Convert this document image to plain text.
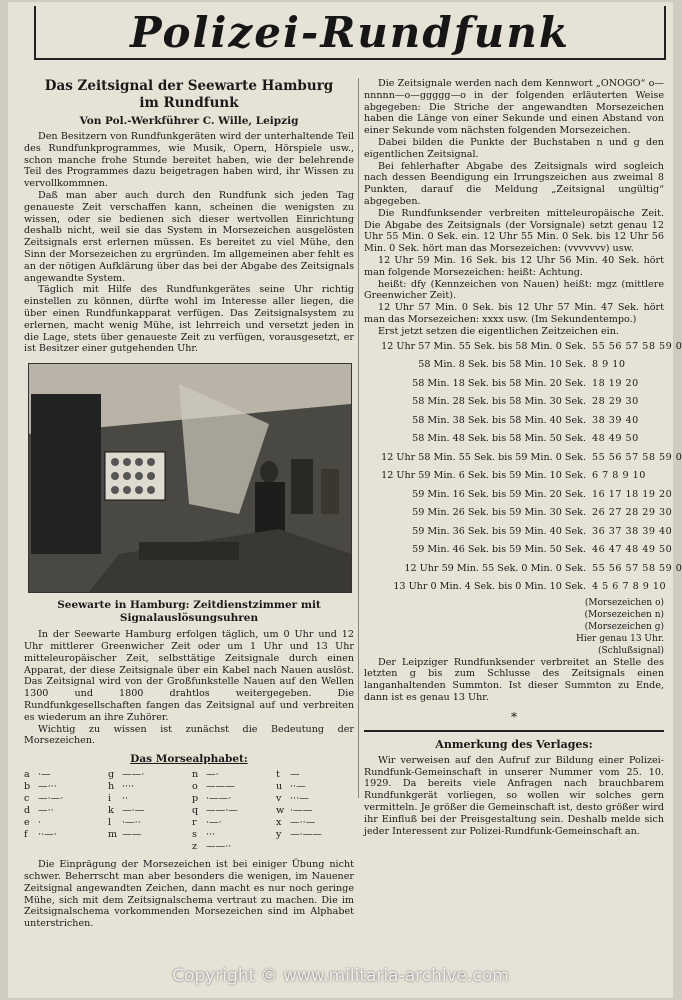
Polizei-Rundfunk
Das Zeitsignal der Seewarte Hamburg
im Rundfunk
Von Pol.-Werkführer C. Wille, Leipzig

Den Besitzern von Rundfunkgeräten wird der unterhaltende Teil des Rundfunkprogrammes, wie Musik, Opern, Hörspiele usw., schon manche frohe Stunde bereitet haben, wie der belehrende Teil des Programmes dazu beigetragen haben wird, ihr Wissen zu vervollkommnen.

Daß man aber auch durch den Rundfunk sich jeden Tag genaueste Zeit verschaffen kann, scheinen die wenigsten zu wissen, oder sie bedienen sich dieser wertvollen Einrichtung deshalb nicht, weil sie das System in Morsezeichen ausgelösten Zeitsignals erst erlernen müssen. Es bereitet zu viel Mühe, den Sinn der Morsezeichen zu ergründen. Im allgemeinen aber fehlt es an der nötigen Aufklärung über das bei der Abgabe des Zeitsignals angewandte System.

Täglich mit Hilfe des Rundfunkgerätes seine Uhr richtig einstellen zu können, dürfte wohl im Interesse aller liegen, die über einen Rundfunkapparat verfügen. Das Zeitsignalsystem zu erlernen, macht wenig Mühe, ist lehrreich und versetzt jeden in die Lage, stets über genaueste Zeit zu verfügen, vorausgesetzt, er ist Besitzer einer gutgehenden Uhr.

Seewarte in Hamburg: Zeitdienstzimmer mit Signalauslösungsuhren

In der Seewarte Hamburg erfolgen täglich, um 0 Uhr und 12 Uhr mittlerer Greenwicher Zeit oder um 1 Uhr und 13 Uhr mitteleuropäischer Zeit, selbsttätige Zeitsignale durch einen Apparat, der diese Zeitsignale über ein Kabel nach Nauen auslöst. Das Zeitsignal wird von der Großfunkstelle Nauen auf den Wellen 1300 und 1800 drahtlos weitergegeben. Die Rundfunkgesellschaften fangen das Zeitsignal auf und verbreiten es wiederum an ihre Zuhörer.

Wichtig zu wissen ist zunächst die Bedeutung der Morsezeichen.

Das Morsealphabet:
a ·—	g ——·	n —·	t	—
b —···	h ····	o ———	u ··—
c —·—·	i	··	p ·——·	v ···—
d —··	k —·—	q ——·—	w ·——
e ·	l	·—··	r ·—·	x —··—
f	··—·	m ——	s ···	y —·——
z ——··

Die Einprägung der Morsezeichen ist bei einiger Übung nicht schwer. Beherrscht man aber besonders die wenigen, im Nauener Zeitsignal angewandten Zeichen, dann macht es nur noch geringe Mühe, sich mit dem Zeitsignalschema vertraut zu machen. Die im Zeitsignalschema vorkommenden Morsezeichen sind im Alphabet unterstrichen.

Die Zeitsignale werden nach dem Kennwort „ONOGO“ o—nnnnn—o—ggggg—o in der folgenden erläuterten Weise abgegeben: Die Striche der angewandten Morsezeichen haben die Länge von einer Sekunde und einen Abstand von einer Sekunde vom nächsten folgenden Morsezeichen.

Dabei bilden die Punkte der Buchstaben n und g den eigentlichen Zeitsignal.

Bei fehlerhafter Abgabe des Zeitsignals wird sogleich nach dessen Beendigung ein Irrungszeichen aus zweimal 8 Punkten, darauf die Meldung „Zeitsignal ungültig“ abgegeben.

Die Rundfunksender verbreiten mitteleuropäische Zeit. Die Abgabe des Zeitsignals (der Vorsignale) setzt genau 12 Uhr 55 Min. 0 Sek. ein. 12 Uhr 55 Min. 0 Sek. bis 12 Uhr 56 Min. 0 Sek. hört man das Morsezeichen: (vvvvvvv) usw.

12 Uhr 59 Min. 16 Sek. bis 12 Uhr 56 Min. 40 Sek. hört man folgende Morsezeichen: heißt: Achtung.

heißt: dfy (Kennzeichen von Nauen) heißt: mgz (mittlere Greenwicher Zeit).

12 Uhr 57 Min. 0 Sek. bis 12 Uhr 57 Min. 47 Sek. hört man das Morsezeichen: xxxx usw. (Im Sekundentempo.)

Erst jetzt setzen die eigentlichen Zeitzeichen ein.

12 Uhr 57 Min. 55 Sek. bis 58 Min. 0 Sek. 55 56 57 58 59 0
58 Min. 8 Sek. bis 58 Min. 10 Sek. 8 9 10
58 Min. 18 Sek. bis 58 Min. 20 Sek. 18 19 20
58 Min. 28 Sek. bis 58 Min. 30 Sek. 28 29 30
58 Min. 38 Sek. bis 58 Min. 40 Sek. 38 39 40
58 Min. 48 Sek. bis 58 Min. 50 Sek. 48 49 50
12 Uhr 58 Min. 55 Sek. bis 59 Min. 0 Sek. 55 56 57 58 59 0
12 Uhr 59 Min. 6 Sek. bis 59 Min. 10 Sek. 6 7 8 9 10
59 Min. 16 Sek. bis 59 Min. 20 Sek. 16 17 18 19 20
59 Min. 26 Sek. bis 59 Min. 30 Sek. 26 27 28 29 30
59 Min. 36 Sek. bis 59 Min. 40 Sek. 36 37 38 39 40
59 Min. 46 Sek. bis 59 Min. 50 Sek. 46 47 48 49 50
12 Uhr 59 Min. 55 Sek. 0 Min. 0 Sek. 55 56 57 58 59 0
13 Uhr 0 Min. 4 Sek. bis 0 Min. 10 Sek. 4 5 6 7 8 9 10
(Morsezeichen o)
(Morsezeichen n)
(Morsezeichen g)
Hier genau 13 Uhr.
(Schlußsignal)

Der Leipziger Rundfunksender verbreitet an Stelle des letzten g bis zum Schlusse des Zeitsignals einen langanhaltenden Summton. Ist dieser Summton zu Ende, dann ist es genau 13 Uhr.

*
Anmerkung des Verlages:

Wir verweisen auf den Aufruf zur Bildung einer Polizei-Rundfunk-Gemeinschaft in unserer Nummer vom 25. 10. 1929. Da bereits viele Anfragen nach brauchbarem Rundfunkgerät vorliegen, so wollen wir solches gern vermitteln. Je größer die Gemeinschaft ist, desto größer wird ihr Einfluß bei der Preisgestaltung sein. Deshalb melde sich jeder Interessent zur Polizei-Rundfunk-Gemeinschaft an.

Copyright © www.militaria-archive.com
